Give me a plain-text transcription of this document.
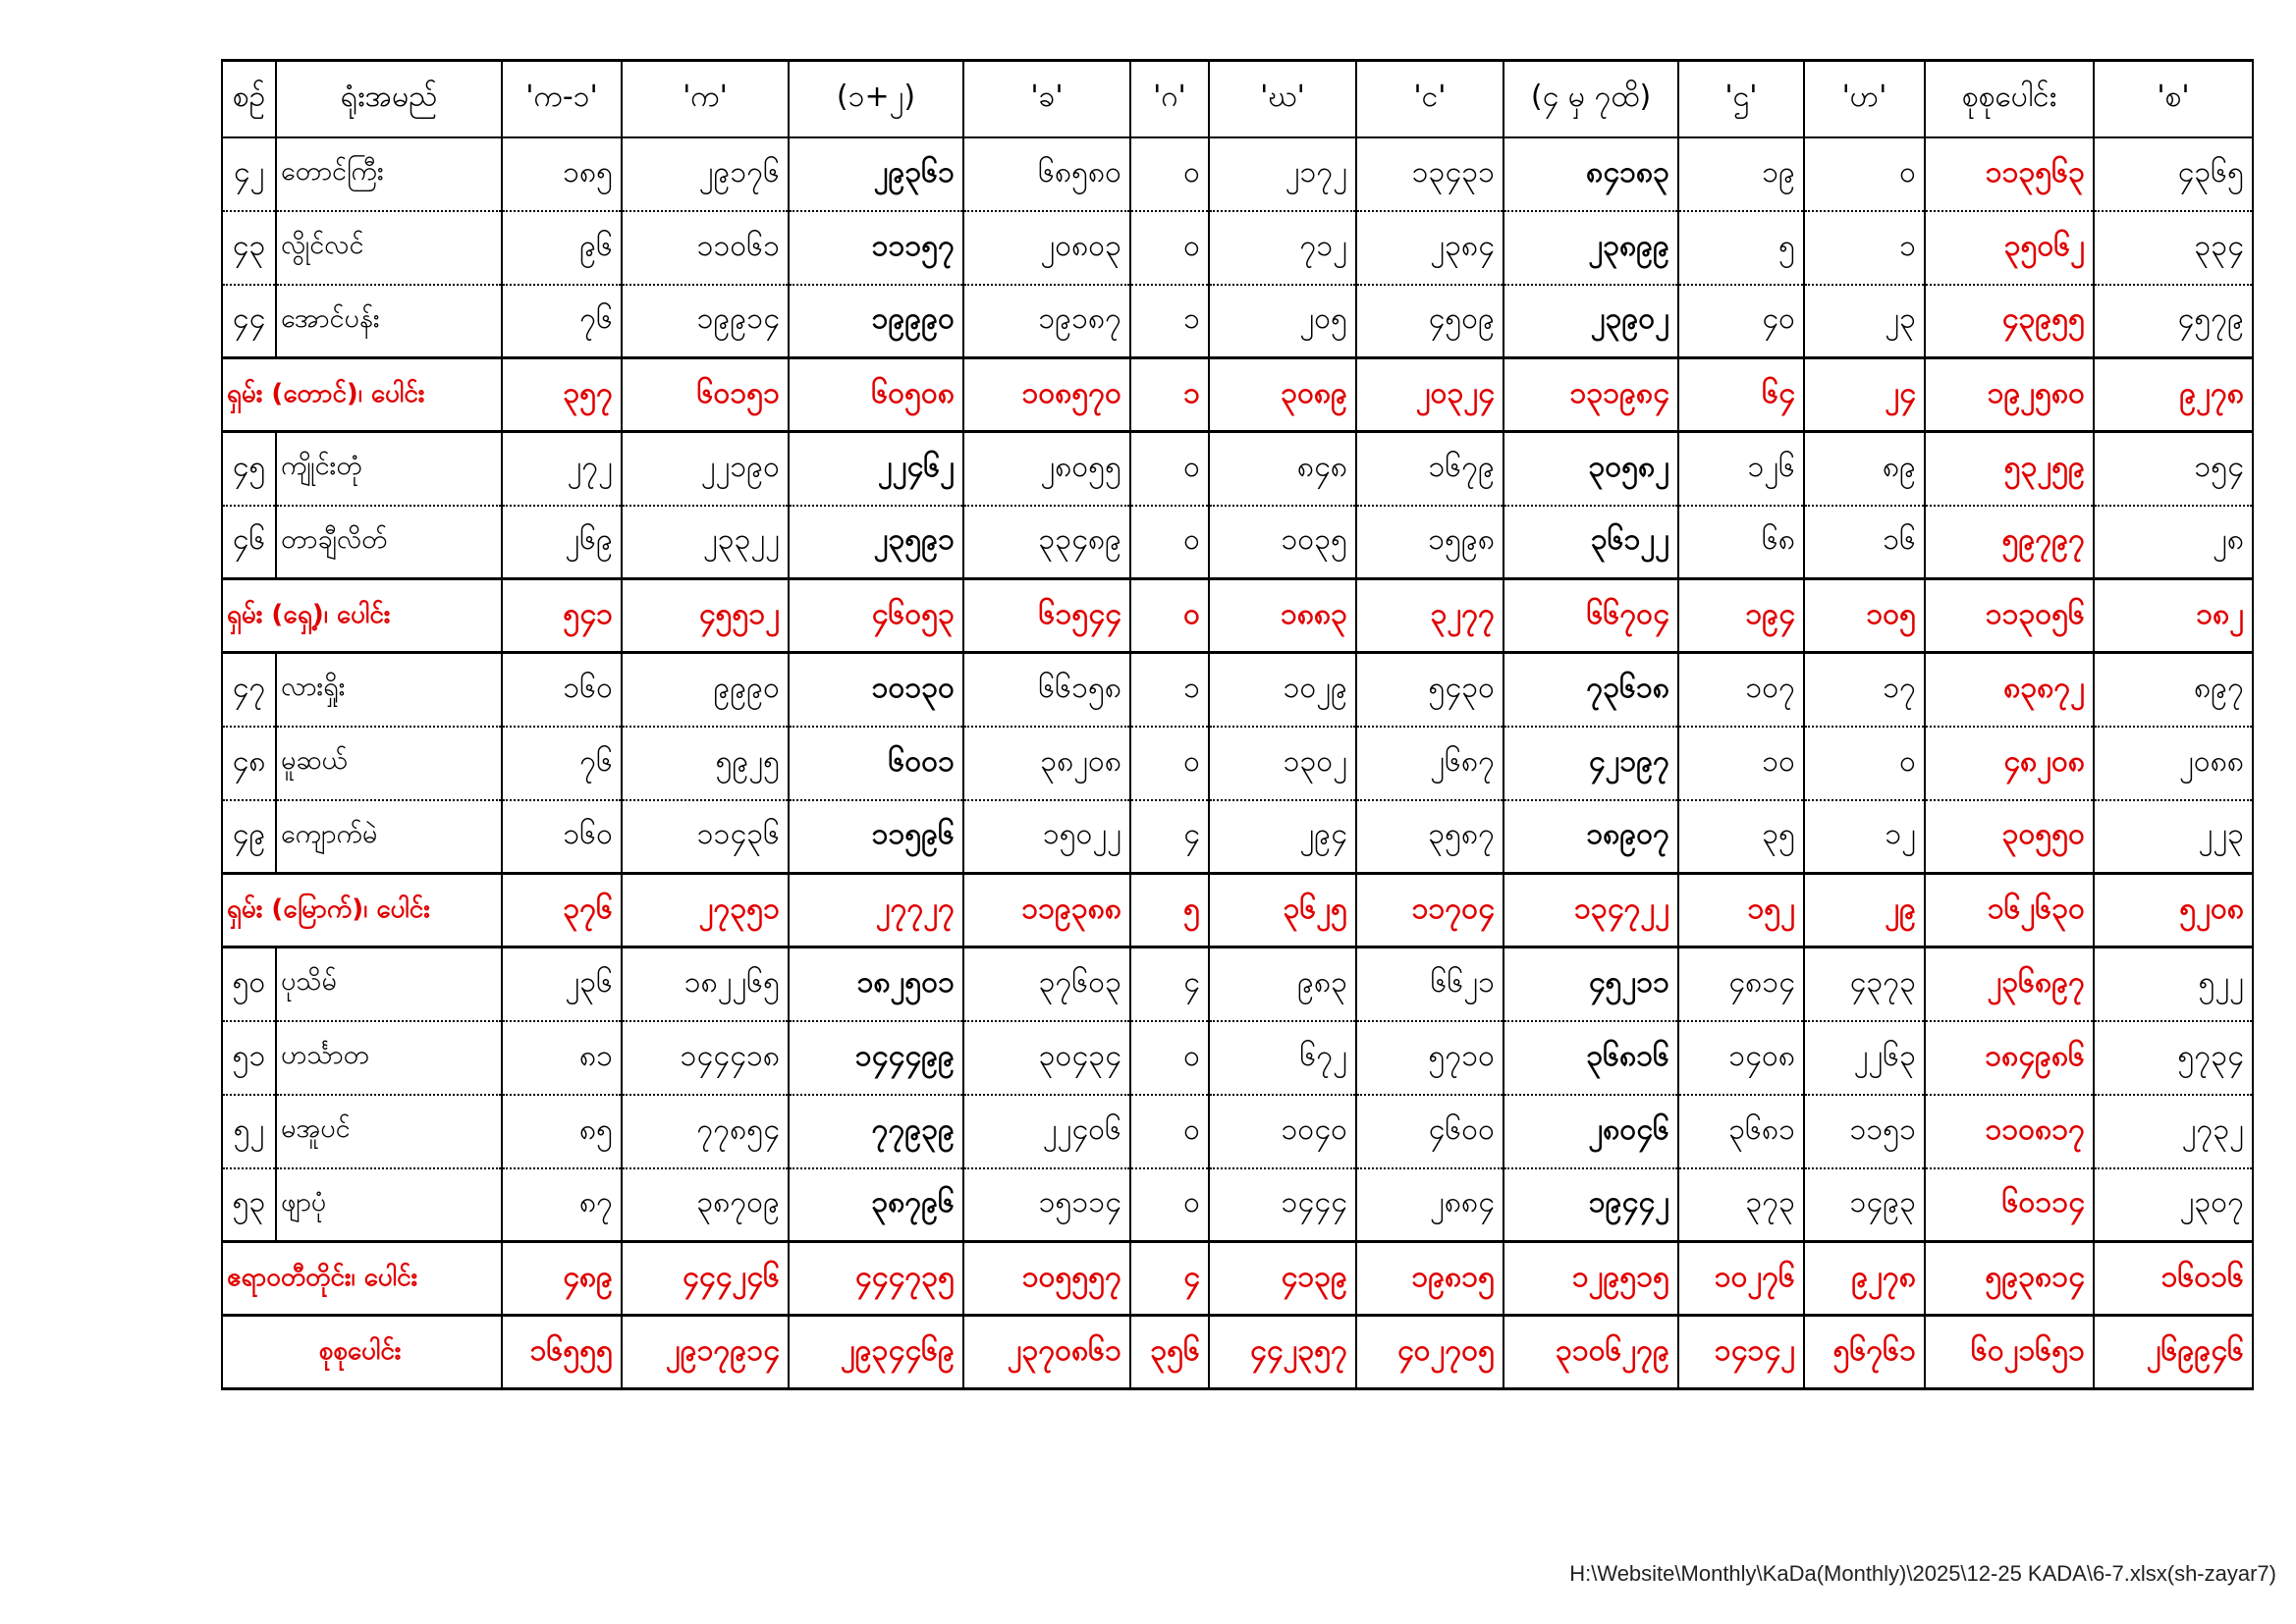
စဉ်	ရုံးအမည်	'က-၁'	'က'	(၁+၂)	'ခ'	'ဂ'	'ဃ'	'င'	(၄ မှ ၇ထိ)	'ဌ'	'ဟ'	စုစုပေါင်း	'စ'
၄၂	တောင်ကြီး	၁၈၅	၂၉၁၇၆	၂၉၃၆၁	၆၈၅၈၀	၀	၂၁၇၂	၁၃၄၃၁	၈၄၁၈၃	၁၉	၀	၁၁၃၅၆၃	၄၃၆၅
၄၃	လွိုင်လင်	၉၆	၁၁၀၆၁	၁၁၁၅၇	၂၀၈၀၃	၀	၇၁၂	၂၃၈၄	၂၃၈၉၉	၅	၁	၃၅၀၆၂	၃၃၄
၄၄	အောင်ပန်း	၇၆	၁၉၉၁၄	၁၉၉၉၀	၁၉၁၈၇	၁	၂၀၅	၄၅၀၉	၂၃၉၀၂	၄၀	၂၃	၄၃၉၅၅	၄၅၇၉
ရှမ်း (တောင်)၊ ပေါင်း		၃၅၇	၆၀၁၅၁	၆၀၅၀၈	၁၀၈၅၇၀	၁	၃၀၈၉	၂၀၃၂၄	၁၃၁၉၈၄	၆၄	၂၄	၁၉၂၅၈၀	၉၂၇၈
၄၅	ကျိုင်းတုံ	၂၇၂	၂၂၁၉၀	၂၂၄၆၂	၂၈၀၅၅	၀	၈၄၈	၁၆၇၉	၃၀၅၈၂	၁၂၆	၈၉	၅၃၂၅၉	၁၅၄
၄၆	တာချီလိတ်	၂၆၉	၂၃၃၂၂	၂၃၅၉၁	၃၃၄၈၉	၀	၁၀၃၅	၁၅၉၈	၃၆၁၂၂	၆၈	၁၆	၅၉၇၉၇	၂၈
ရှမ်း (ရှေ့)၊ ပေါင်း		၅၄၁	၄၅၅၁၂	၄၆၀၅၃	၆၁၅၄၄	၀	၁၈၈၃	၃၂၇၇	၆၆၇၀၄	၁၉၄	၁၀၅	၁၁၃၀၅၆	၁၈၂
၄၇	လားရှိုး	၁၆၀	၉၉၉၀	၁၀၁၃၀	၆၆၁၅၈	၁	၁၀၂၉	၅၄၃၀	၇၃၆၁၈	၁၀၇	၁၇	၈၃၈၇၂	၈၉၇
၄၈	မူဆယ်	၇၆	၅၉၂၅	၆၀၀၁	၃၈၂၀၈	၀	၁၃၀၂	၂၆၈၇	၄၂၁၉၇	၁၀	၀	၄၈၂၀၈	၂၀၈၈
၄၉	ကျောက်မဲ	၁၆၀	၁၁၄၃၆	၁၁၅၉၆	၁၅၀၂၂	၄	၂၉၄	၃၅၈၇	၁၈၉၀၇	၃၅	၁၂	၃၀၅၅၀	၂၂၃
ရှမ်း (မြောက်)၊ ပေါင်း		၃၇၆	၂၇၃၅၁	၂၇၇၂၇	၁၁၉၃၈၈	၅	၃၆၂၅	၁၁၇၀၄	၁၃၄၇၂၂	၁၅၂	၂၉	၁၆၂၆၃၀	၅၂၀၈
၅၀	ပုသိမ်	၂၃၆	၁၈၂၂၆၅	၁၈၂၅၀၁	၃၇၆၀၃	၄	၉၈၃	၆၆၂၁	၄၅၂၁၁	၄၈၁၄	၄၃၇၃	၂၃၆၈၉၇	၅၂၂
၅၁	ဟင်္သာတ	၈၁	၁၄၄၄၁၈	၁၄၄၄၉၉	၃၀၄၃၄	၀	၆၇၂	၅၇၁၀	၃၆၈၁၆	၁၄၀၈	၂၂၆၃	၁၈၄၉၈၆	၅၇၃၄
၅၂	မအူပင်	၈၅	၇၇၈၅၄	၇၇၉၃၉	၂၂၄၀၆	၀	၁၀၄၀	၄၆၀၀	၂၈၀၄၆	၃၆၈၁	၁၁၅၁	၁၁၀၈၁၇	၂၇၃၂
၅၃	ဖျာပုံ	၈၇	၃၈၇၀၉	၃၈၇၉၆	၁၅၁၁၄	၀	၁၄၄၄	၂၈၈၄	၁၉၄၄၂	၃၇၃	၁၄၉၃	၆၀၁၁၄	၂၃၀၇
ဧရာဝတီတိုင်း၊ ပေါင်း		၄၈၉	၄၄၄၂၄၆	၄၄၄၇၃၅	၁၀၅၅၅၇	၄	၄၁၃၉	၁၉၈၁၅	၁၂၉၅၁၅	၁၀၂၇၆	၉၂၇၈	၅၉၃၈၁၄	၁၆၀၁၆
စုစုပေါင်း		၁၆၅၅၅	၂၉၁၇၉၁၄	၂၉၃၄၄၆၉	၂၃၇၀၈၆၁	၃၅၆	၄၄၂၃၅၇	၄၀၂၇၀၅	၃၁၀၆၂၇၉	၁၄၁၄၂	၅၆၇၆၁	၆၀၂၁၆၅၁	၂၆၉၉၄၆
H:\Website\Monthly\KaDa(Monthly)\2025\12-25 KADA\6-7.xlsx(sh-zayar7)
